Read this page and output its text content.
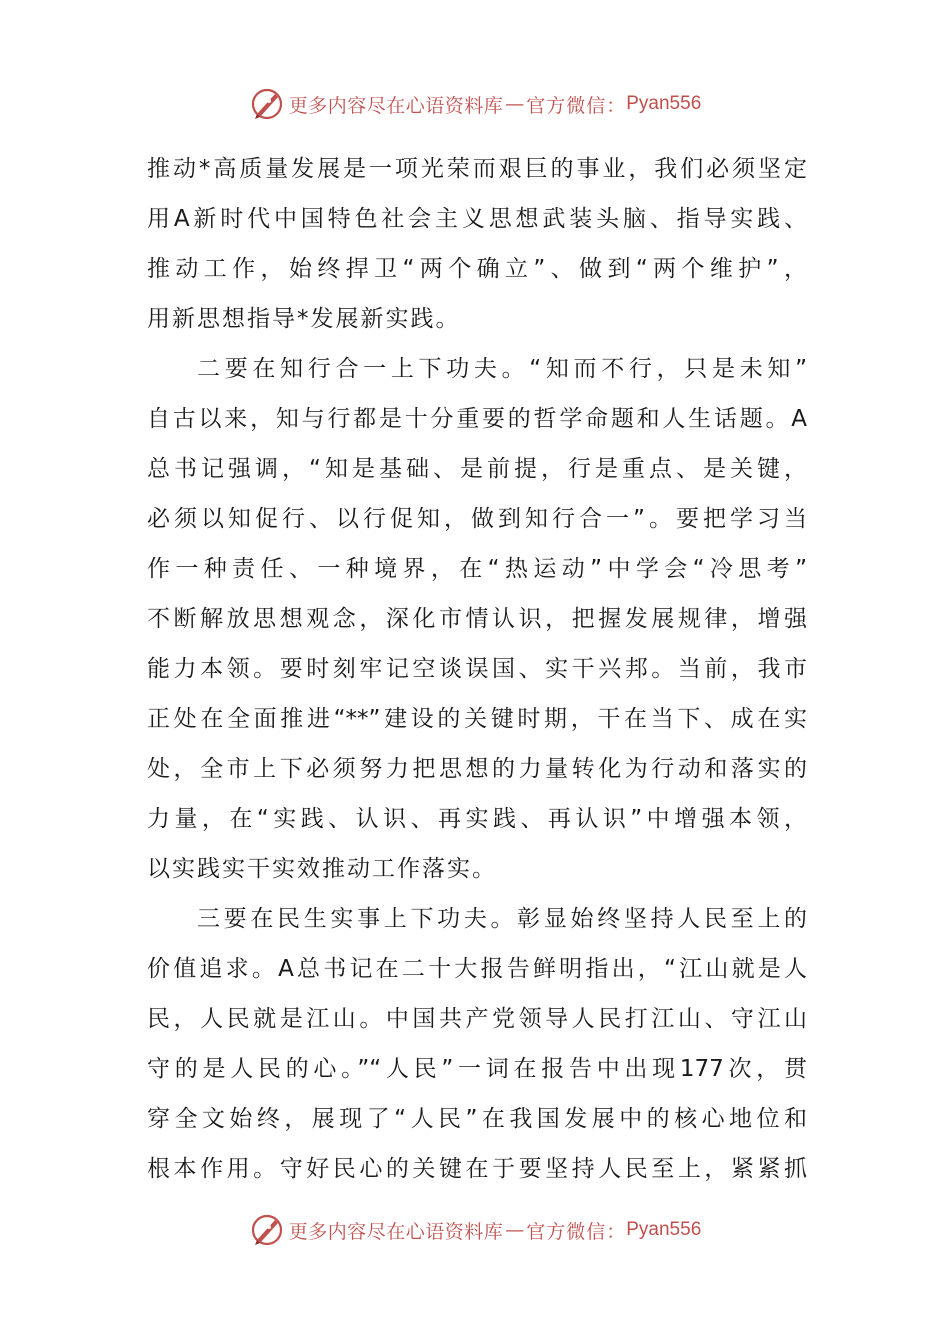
更多内容尽在心语资料库 — 官方微信： Pyan556
推动*高质量发展是一项光荣而艰巨的事业，我们必须坚定
用A新时代中国特色社会主义思想武装头脑、指导实践、
推动工作，始终捍卫“两个确立”、做到“两个维护”，
用新思想指导*发展新实践。
二要在知行合一上下功夫。“知而不行，只是未知”
自古以来，知与行都是十分重要的哲学命题和人生话题。A
总书记强调，“知是基础、是前提，行是重点、是关键，
必须以知促行、以行促知，做到知行合一”。要把学习当
作一种责任、一种境界，在“热运动”中学会“冷思考”
不断解放思想观念，深化市情认识，把握发展规律，增强
能力本领。要时刻牢记空谈误国、实干兴邦。当前，我市
正处在全面推进“**”建设的关键时期，干在当下、成在实
处，全市上下必须努力把思想的力量转化为行动和落实的
力量，在“实践、认识、再实践、再认识”中增强本领，
以实践实干实效推动工作落实。
三要在民生实事上下功夫。彰显始终坚持人民至上的
价值追求。A总书记在二十大报告鲜明指出，“江山就是人
民，人民就是江山。中国共产党领导人民打江山、守江山
守的是人民的心。”“人民”一词在报告中出现177次，贯
穿全文始终，展现了“人民”在我国发展中的核心地位和
根本作用。守好民心的关键在于要坚持人民至上，紧紧抓
更多内容尽在心语资料库 — 官方微信： Pyan556
